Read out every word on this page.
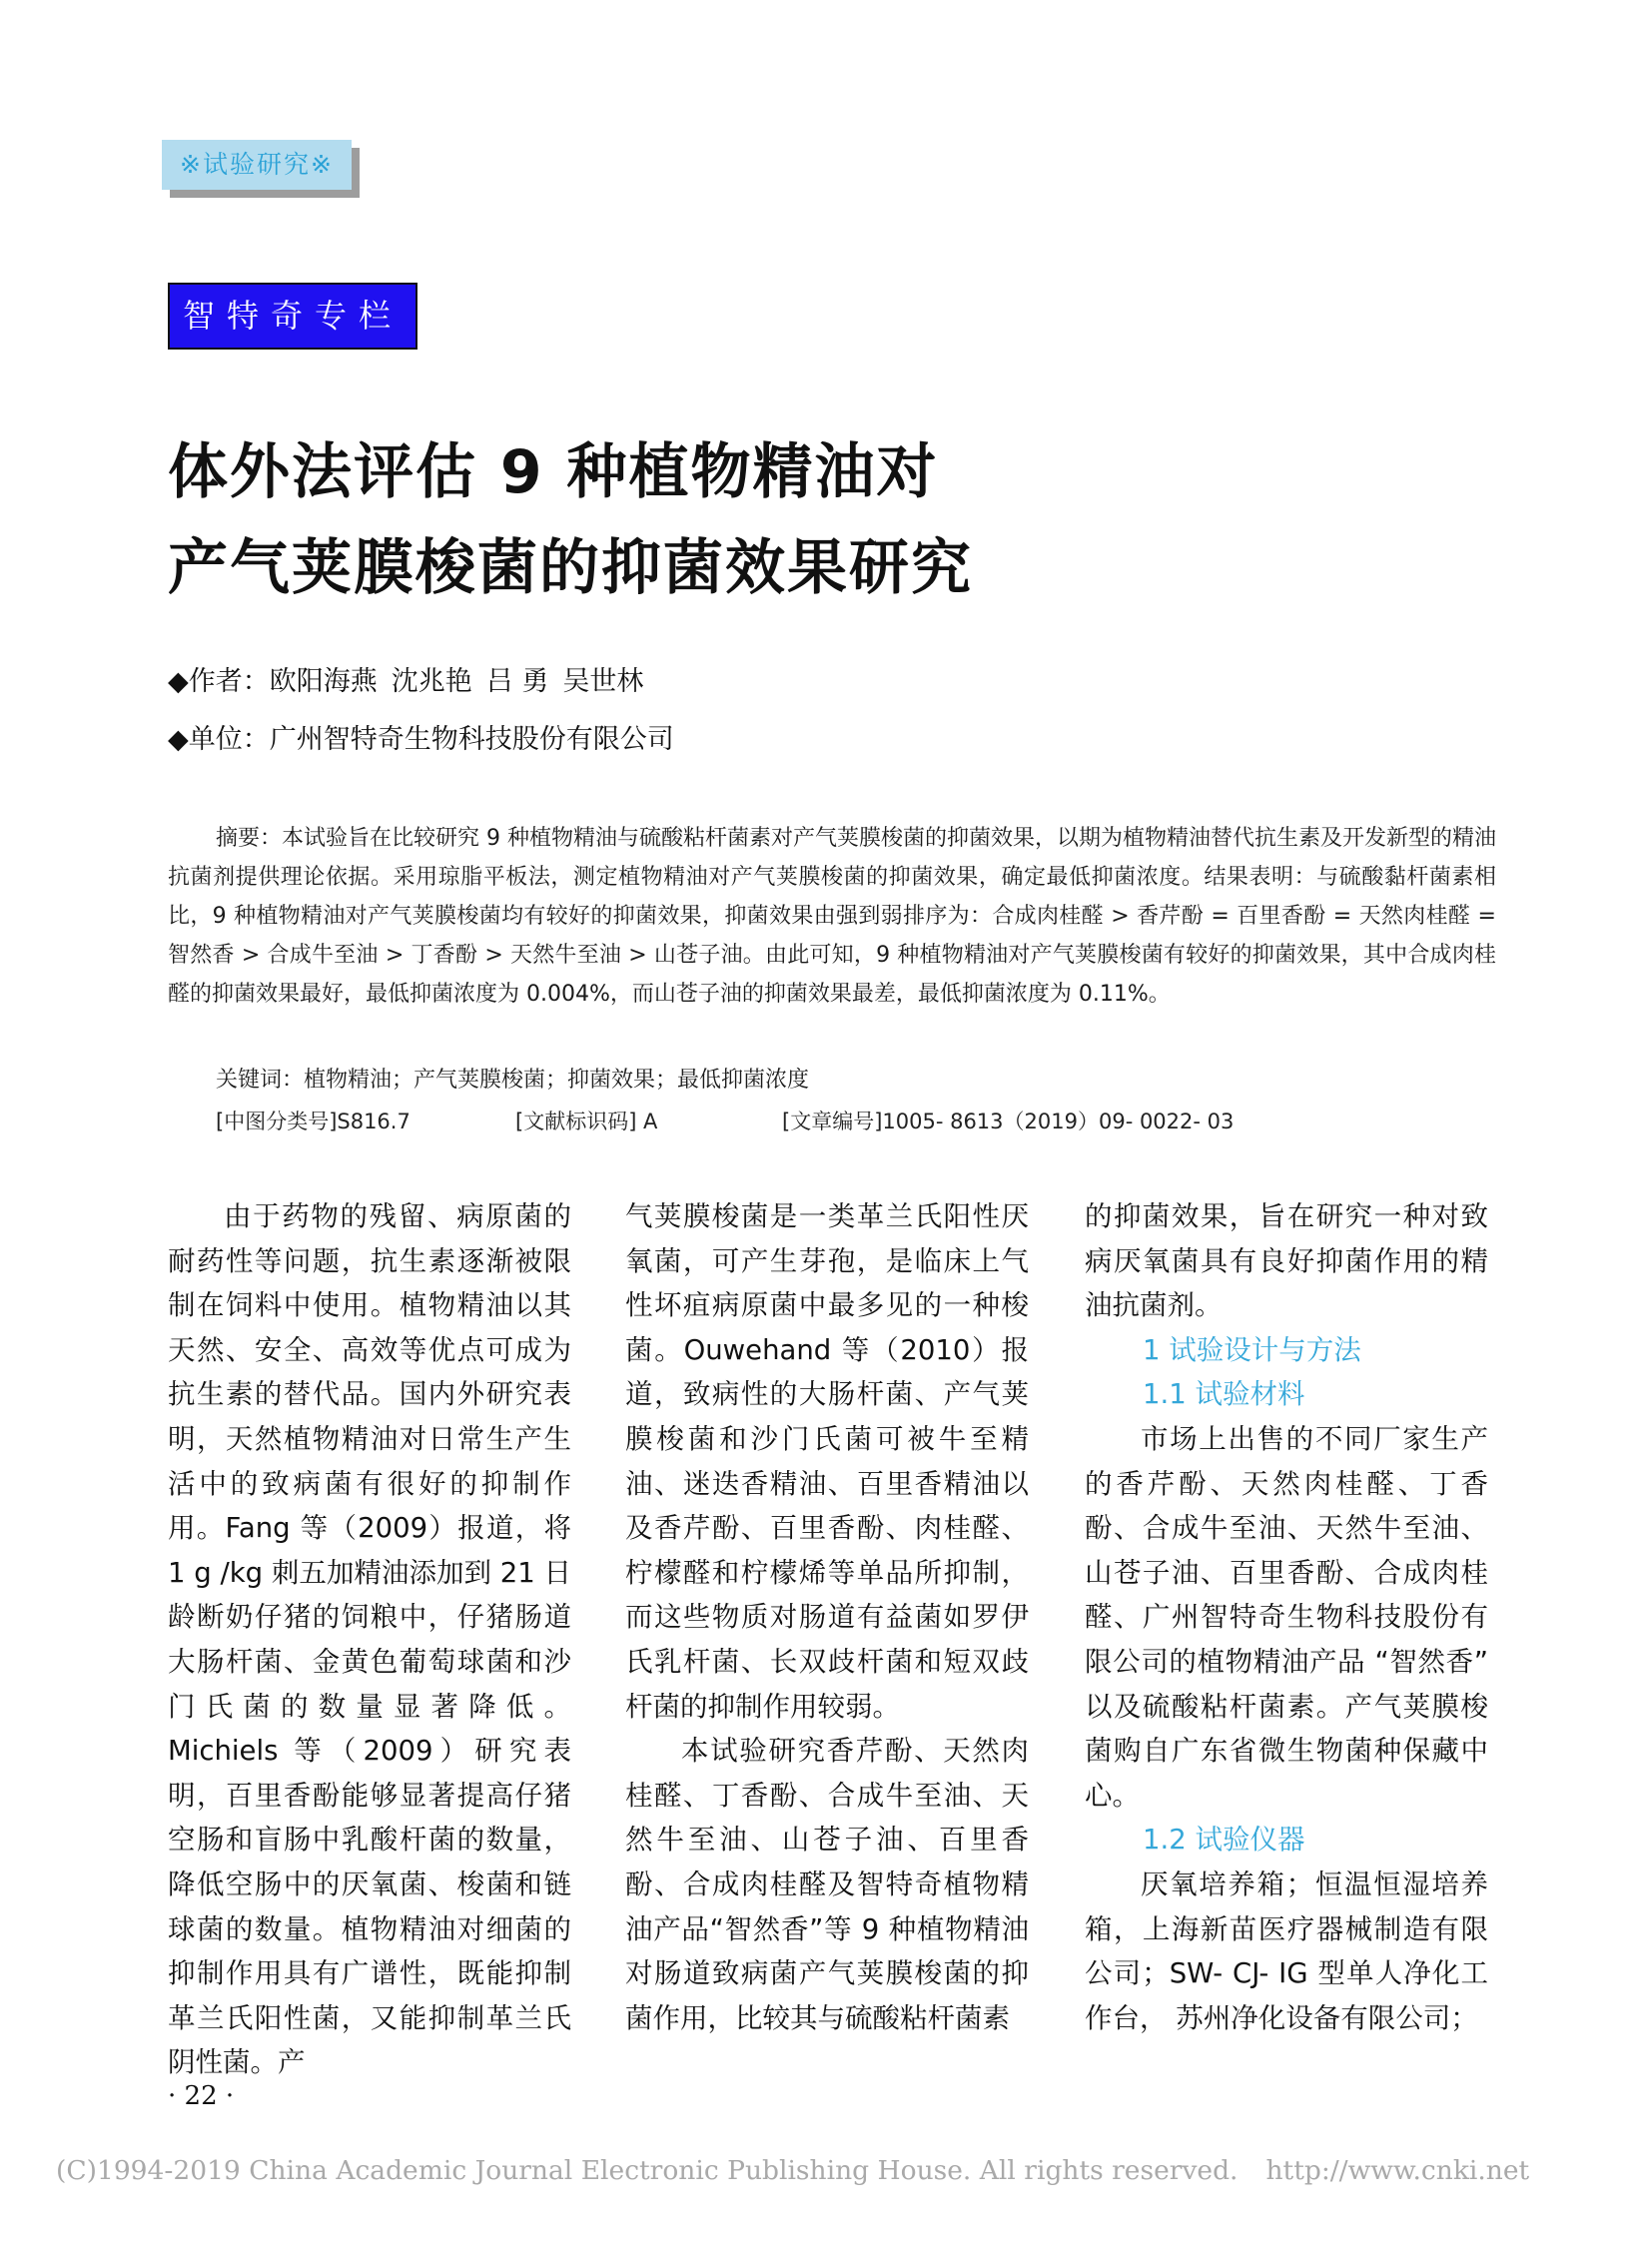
※试验研究※
智特奇专栏
体外法评估 9 种植物精油对
产气荚膜梭菌的抑菌效果研究
◆作者：欧阳海燕 沈兆艳 吕 勇 吴世林
◆单位：广州智特奇生物科技股份有限公司

摘要：本试验旨在比较研究 9 种植物精油与硫酸粘杆菌素对产气荚膜梭菌的抑菌效果，以期为植物精油替代抗生素及开发新型的精油抗菌剂提供理论依据。采用琼脂平板法，测定植物精油对产气荚膜梭菌的抑菌效果，确定最低抑菌浓度。结果表明：与硫酸黏杆菌素相比，9 种植物精油对产气荚膜梭菌均有较好的抑菌效果，抑菌效果由强到弱排序为：合成肉桂醛 > 香芹酚 = 百里香酚 = 天然肉桂醛 = 智然香 > 合成牛至油 > 丁香酚 > 天然牛至油 > 山苍子油。由此可知，9 种植物精油对产气荚膜梭菌有较好的抑菌效果，其中合成肉桂醛的抑菌效果最好，最低抑菌浓度为 0.004%，而山苍子油的抑菌效果最差，最低抑菌浓度为 0.11%。

关键词：植物精油；产气荚膜梭菌；抑菌效果；最低抑菌浓度
[中图分类号]S816.7	[文献标识码] A	[文章编号]1005- 8613（2019）09- 0022- 03

由于药物的残留、病原菌的耐药性等问题，抗生素逐渐被限制在饲料中使用。植物精油以其天然、安全、高效等优点可成为抗生素的替代品。国内外研究表明，天然植物精油对日常生产生活中的致病菌有很好的抑制作用。Fang 等（2009）报道，将 1 g /kg 刺五加精油添加到 21 日龄断奶仔猪的饲粮中，仔猪肠道大肠杆菌、金黄色葡萄球菌和沙门氏菌的数量显著降低。Michiels 等（2009）研究表明，百里香酚能够显著提高仔猪空肠和盲肠中乳酸杆菌的数量，降低空肠中的厌氧菌、梭菌和链球菌的数量。植物精油对细菌的抑制作用具有广谱性，既能抑制革兰氏阳性菌，又能抑制革兰氏阴性菌。产

气荚膜梭菌是一类革兰氏阳性厌氧菌，可产生芽孢，是临床上气性坏疽病原菌中最多见的一种梭菌。Ouwehand 等（2010）报道，致病性的大肠杆菌、产气荚膜梭菌和沙门氏菌可被牛至精油、迷迭香精油、百里香精油以及香芹酚、百里香酚、肉桂醛、柠檬醛和柠檬烯等单品所抑制，而这些物质对肠道有益菌如罗伊氏乳杆菌、长双歧杆菌和短双歧杆菌的抑制作用较弱。

本试验研究香芹酚、天然肉桂醛、丁香酚、合成牛至油、天然牛至油、山苍子油、百里香酚、合成肉桂醛及智特奇植物精油产品“智然香”等 9 种植物精油对肠道致病菌产气荚膜梭菌的抑菌作用，比较其与硫酸粘杆菌素

的抑菌效果，旨在研究一种对致病厌氧菌具有良好抑菌作用的精油抗菌剂。

1 试验设计与方法

1.1 试验材料

市场上出售的不同厂家生产的香芹酚、天然肉桂醛、丁香酚、合成牛至油、天然牛至油、山苍子油、百里香酚、合成肉桂醛、广州智特奇生物科技股份有限公司的植物精油产品 “智然香” 以及硫酸粘杆菌素。产气荚膜梭菌购自广东省微生物菌种保藏中心。

1.2 试验仪器

厌氧培养箱；恒温恒湿培养箱，上海新苗医疗器械制造有限公司；SW- CJ- IG 型单人净化工作台， 苏州净化设备有限公司；

· 22 ·
(C)1994-2019 China Academic Journal Electronic Publishing House. All rights reserved. http://www.cnki.net
